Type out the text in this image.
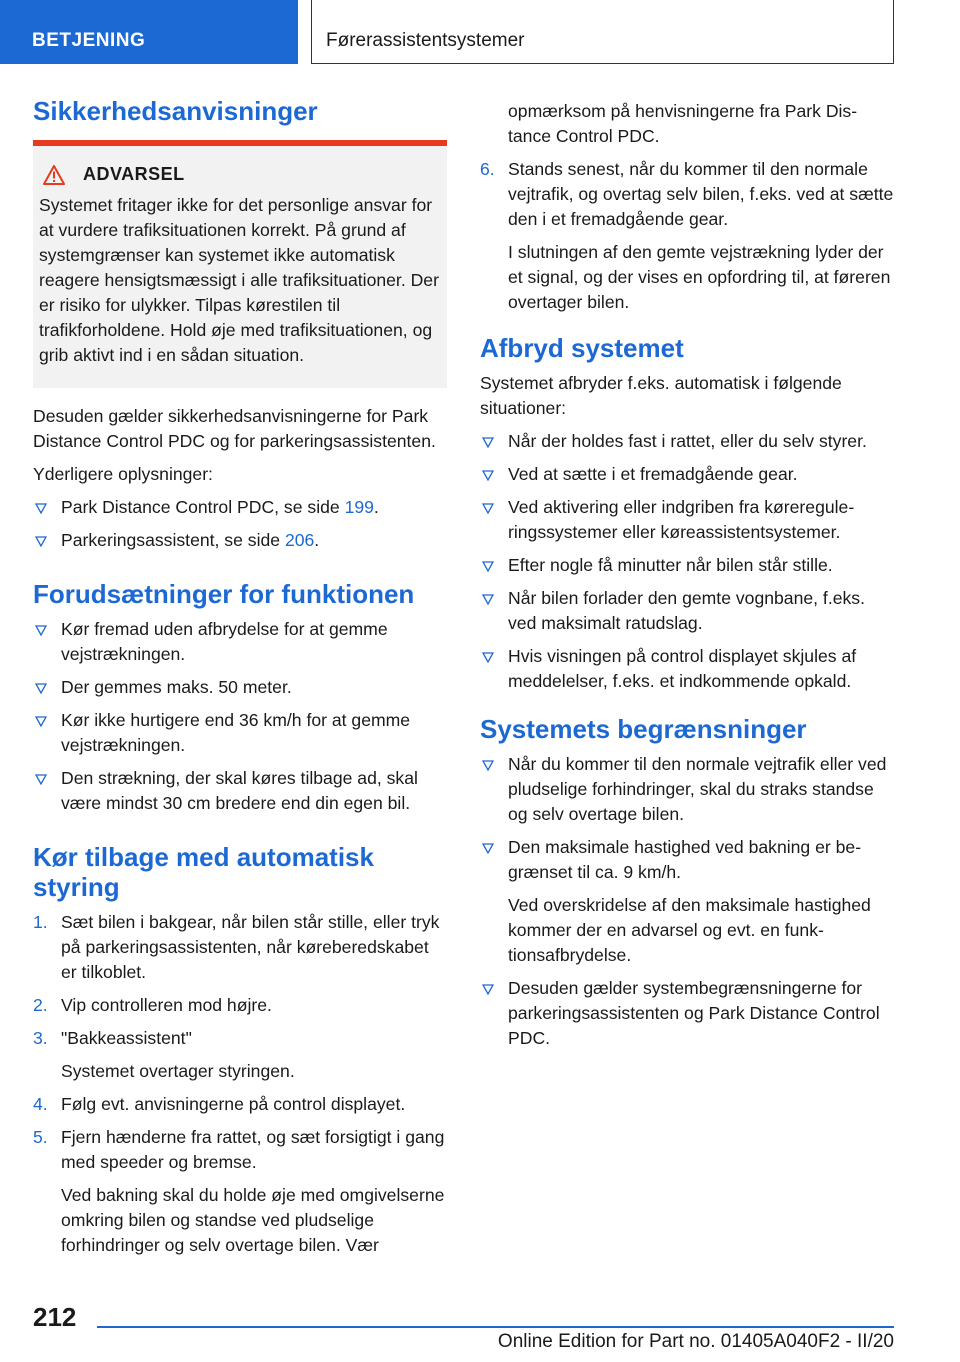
BETJENING	Førerassistentsystemer
Sikkerhedsanvisninger
ADVARSEL
Systemet fritager ikke for det personlige ansvar for at vurdere trafiksituationen korrekt. På grund af systemgrænser kan systemet ikke automatisk reagere hensigtsmæssigt i alle trafiksituationer. Der er risiko for ulykker. Tilpas kørestilen til trafikforholdene. Hold øje med trafiksituationen, og grib aktivt ind i en sådan situation.

Desuden gælder sikkerhedsanvisningerne for Park Distance Control PDC og for parkeringsassistenten.

Yderligere oplysninger:

Park Distance Control PDC, se side 199.
Parkeringsassistent, se side 206.
Forudsætninger for funktionen
Kør fremad uden afbrydelse for at gemme vejstrækningen.
Der gemmes maks. 50 meter.
Kør ikke hurtigere end 36 km/h for at gemme vejstrækningen.
Den strækning, der skal køres tilbage ad, skal være mindst 30 cm bredere end din egen bil.
Kør tilbage med automatisk styring
1. Sæt bilen i bakgear, når bilen står stille, eller tryk på parkeringsassistenten, når køreberedskabet er tilkoblet.
2. Vip controlleren mod højre.
3. "Bakkeassistent"
Systemet overtager styringen.
4. Følg evt. anvisningerne på control displayet.
5. Fjern hænderne fra rattet, og sæt forsigtigt i gang med speeder og bremse.
Ved bakning skal du holde øje med omgivelserne omkring bilen og standse ved pludselige forhindringer og selv overtage bilen. Vær
opmærksom på henvisningerne fra Park Distance Control PDC.
6. Stands senest, når du kommer til den normale vejtrafik, og overtag selv bilen, f.eks. ved at sætte den i et fremadgående gear.
I slutningen af den gemte vejstrækning lyder der et signal, og der vises en opfordring til, at føreren overtager bilen.
Afbryd systemet

Systemet afbryder f.eks. automatisk i følgende situationer:

Når der holdes fast i rattet, eller du selv styrer.
Ved at sætte i et fremadgående gear.
Ved aktivering eller indgriben fra kørereguleringssystemer eller køreassistentsystemer.
Efter nogle få minutter når bilen står stille.
Når bilen forlader den gemte vognbane, f.eks. ved maksimalt ratudslag.
Hvis visningen på control displayet skjules af meddelelser, f.eks. et indkommende opkald.
Systemets begrænsninger
Når du kommer til den normale vejtrafik eller ved pludselige forhindringer, skal du straks standse og selv overtage bilen.
Den maksimale hastighed ved bakning er begrænset til ca. 9 km/h.
Ved overskridelse af den maksimale hastighed kommer der en advarsel og evt. en funktionsafbrydelse.
Desuden gælder systembegrænsningerne for parkeringsassistenten og Park Distance Control PDC.
212
Online Edition for Part no. 01405A040F2 - II/20
